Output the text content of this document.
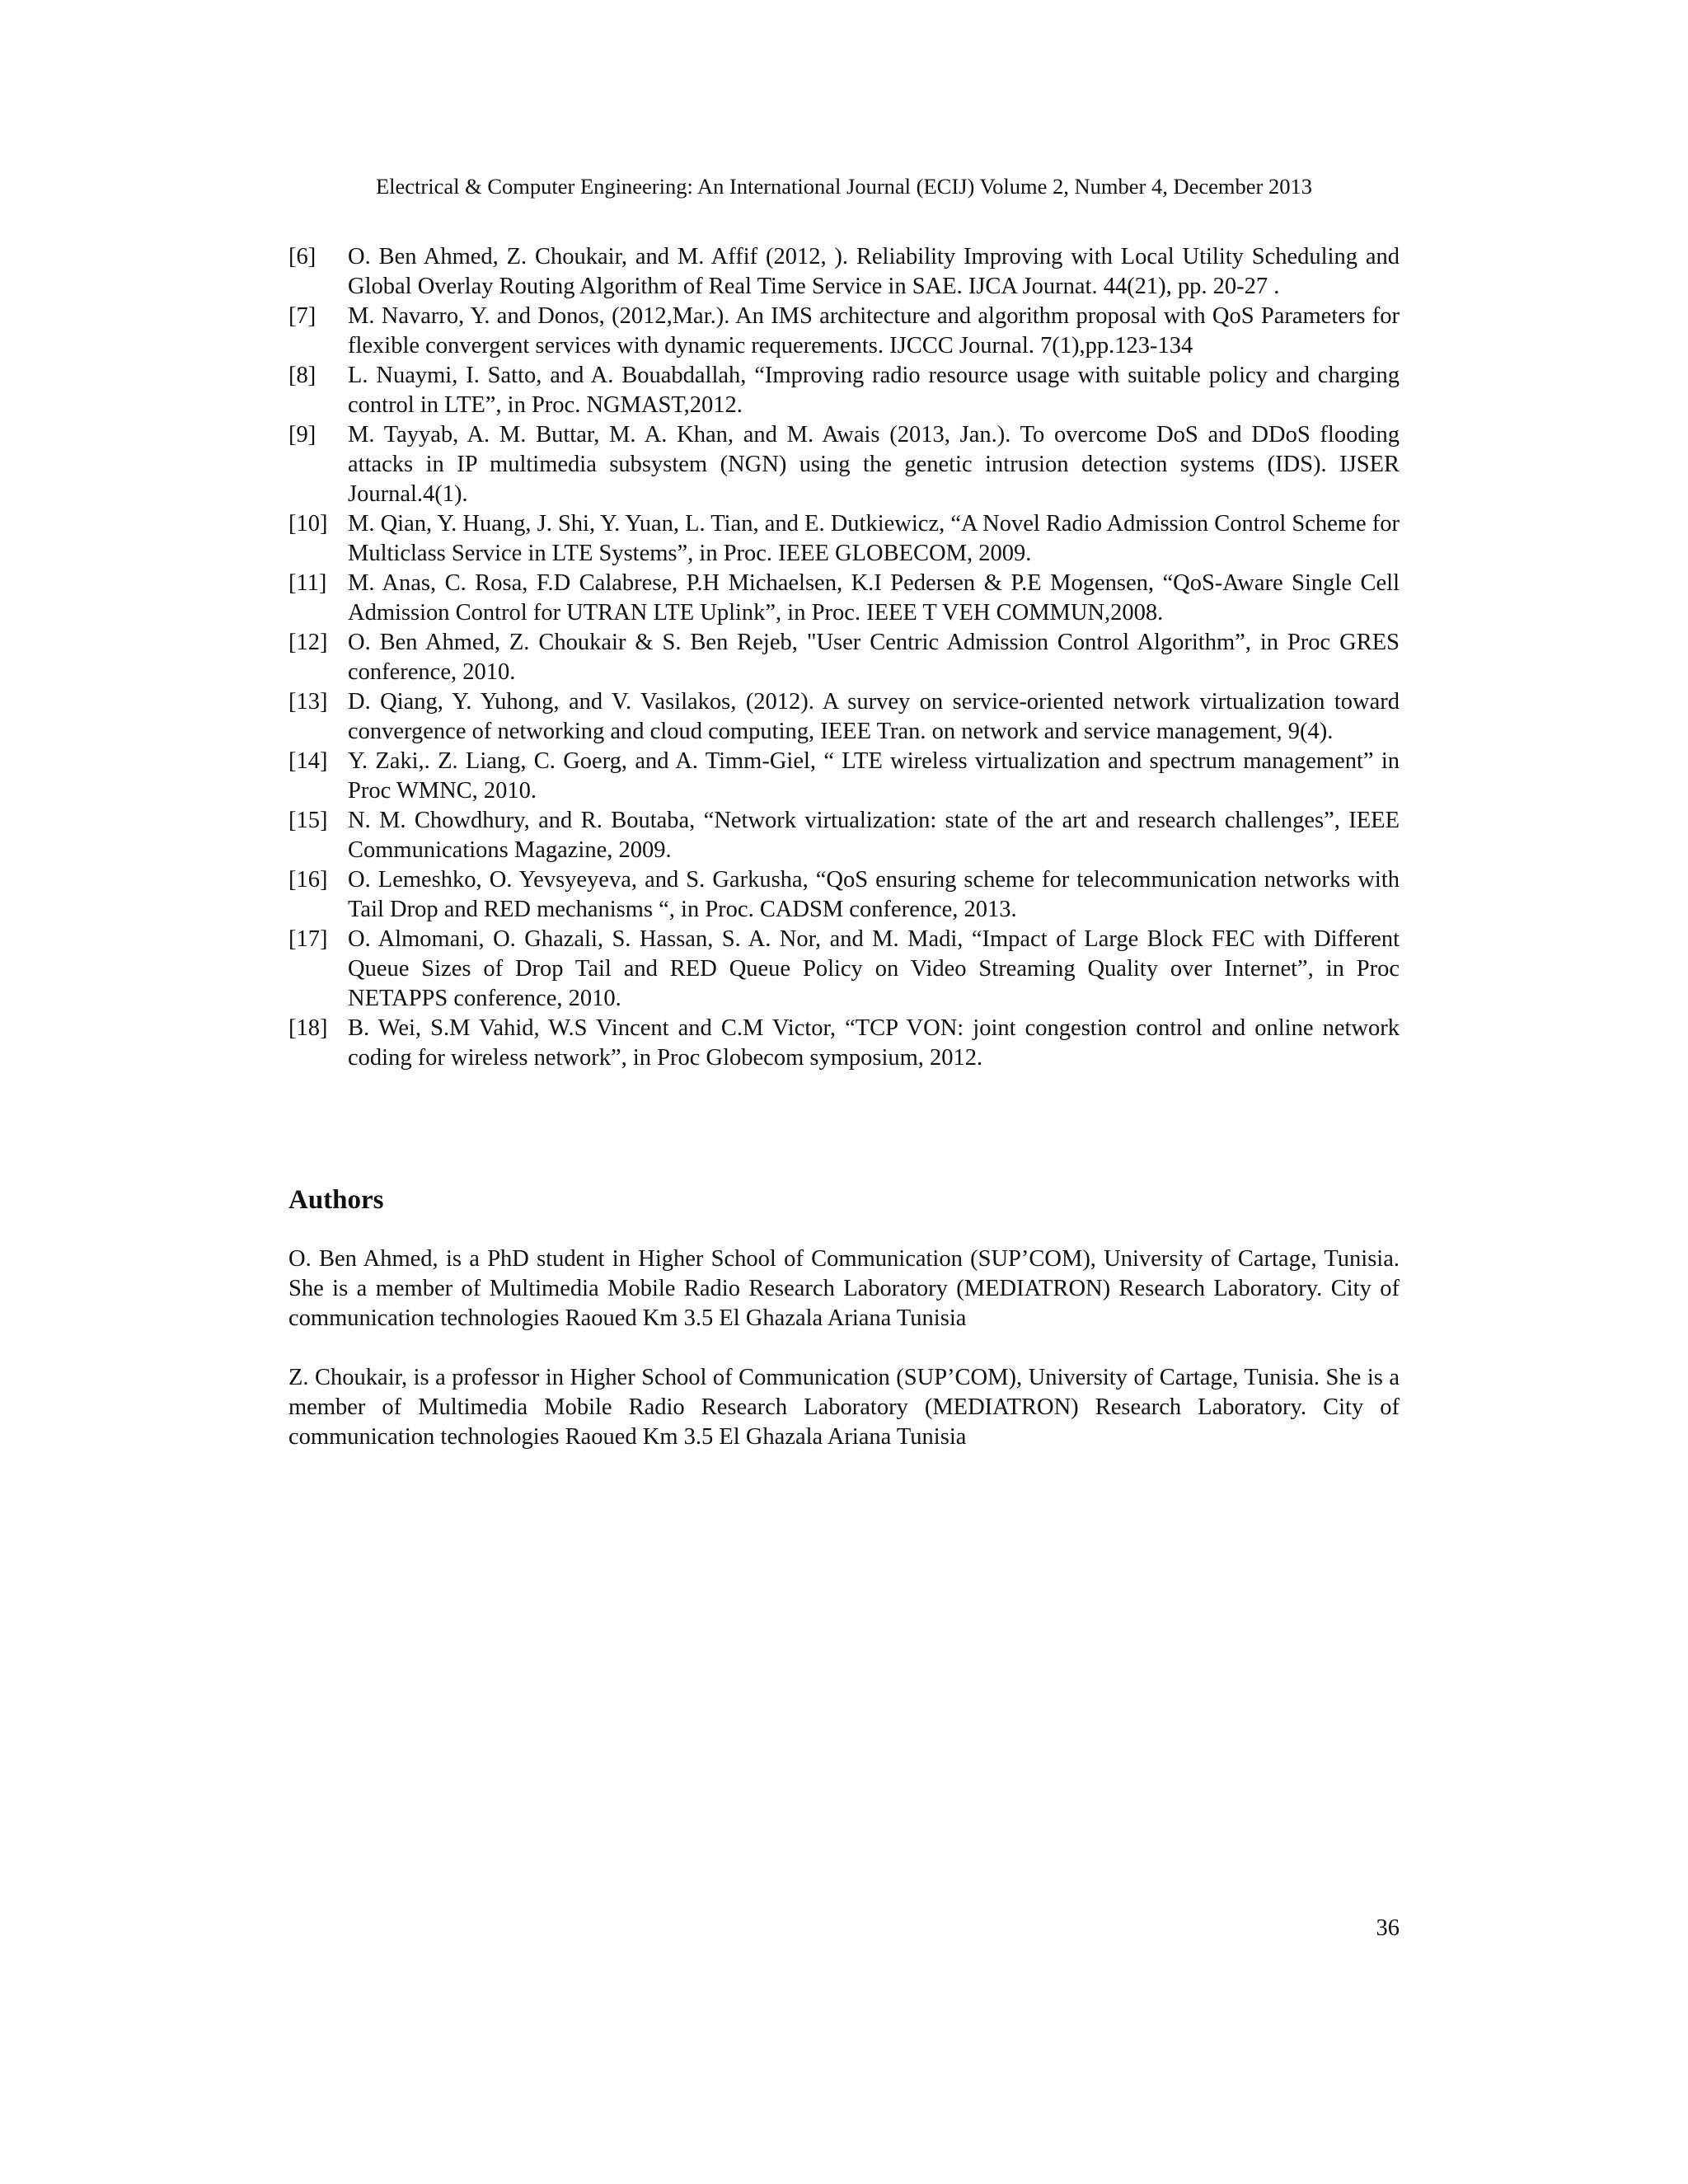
Electrical & Computer Engineering: An International Journal (ECIJ) Volume 2, Number 4, December 2013
[6]	O. Ben Ahmed, Z. Choukair, and M. Affif (2012, ). Reliability Improving with Local Utility Scheduling and Global Overlay Routing Algorithm of Real Time Service in SAE. IJCA Journat. 44(21), pp. 20-27 .
[7]	M. Navarro, Y. and Donos, (2012,Mar.). An IMS architecture and algorithm proposal with QoS Parameters for flexible convergent services with dynamic requerements. IJCCC Journal. 7(1),pp.123-134
[8]	L. Nuaymi, I. Satto, and A. Bouabdallah, “Improving radio resource usage with suitable policy and charging control in LTE”, in Proc. NGMAST,2012.
[9]	M. Tayyab, A. M. Buttar, M. A. Khan, and M. Awais (2013, Jan.). To overcome DoS and DDoS flooding attacks in IP multimedia subsystem (NGN) using the genetic intrusion detection systems (IDS). IJSER Journal.4(1).
[10] M. Qian, Y. Huang, J. Shi, Y. Yuan, L. Tian, and E. Dutkiewicz, “A Novel Radio Admission Control Scheme for Multiclass Service in LTE Systems”, in Proc. IEEE GLOBECOM, 2009.
[11] M. Anas, C. Rosa, F.D Calabrese, P.H Michaelsen, K.I Pedersen & P.E Mogensen, “QoS-Aware Single Cell Admission Control for UTRAN LTE Uplink”, in Proc. IEEE T VEH COMMUN,2008.
[12] O. Ben Ahmed, Z. Choukair & S. Ben Rejeb, "User Centric Admission Control Algorithm”, in Proc GRES conference, 2010.
[13] D. Qiang, Y. Yuhong, and V. Vasilakos, (2012). A survey on service-oriented network virtualization toward convergence of networking and cloud computing, IEEE Tran. on network and service management, 9(4).
[14] Y. Zaki,. Z. Liang, C. Goerg, and A. Timm-Giel, “ LTE wireless virtualization and spectrum management” in Proc WMNC, 2010.
[15] N. M. Chowdhury, and R. Boutaba, “Network virtualization: state of the art and research challenges”, IEEE Communications Magazine, 2009.
[16] O. Lemeshko, O. Yevsyeyeva, and S. Garkusha, “QoS ensuring scheme for telecommunication networks with Tail Drop and RED mechanisms “, in Proc. CADSM conference, 2013.
[17] O. Almomani, O. Ghazali, S. Hassan, S. A. Nor, and M. Madi, “Impact of Large Block FEC with Different Queue Sizes of Drop Tail and RED Queue Policy on Video Streaming Quality over Internet”, in Proc NETAPPS conference, 2010.
[18] B. Wei, S.M Vahid, W.S Vincent and C.M Victor, “TCP VON: joint congestion control and online network coding for wireless network”, in Proc Globecom symposium, 2012.
Authors

O. Ben Ahmed, is a PhD student in Higher School of Communication (SUP’COM), University of Cartage, Tunisia. She is a member of Multimedia Mobile Radio Research Laboratory (MEDIATRON) Research Laboratory. City of communication technologies Raoued Km 3.5 El Ghazala Ariana Tunisia

Z. Choukair, is a professor in Higher School of Communication (SUP’COM), University of Cartage, Tunisia. She is a member of Multimedia Mobile Radio Research Laboratory (MEDIATRON) Research Laboratory. City of communication technologies Raoued Km 3.5 El Ghazala Ariana Tunisia

36
